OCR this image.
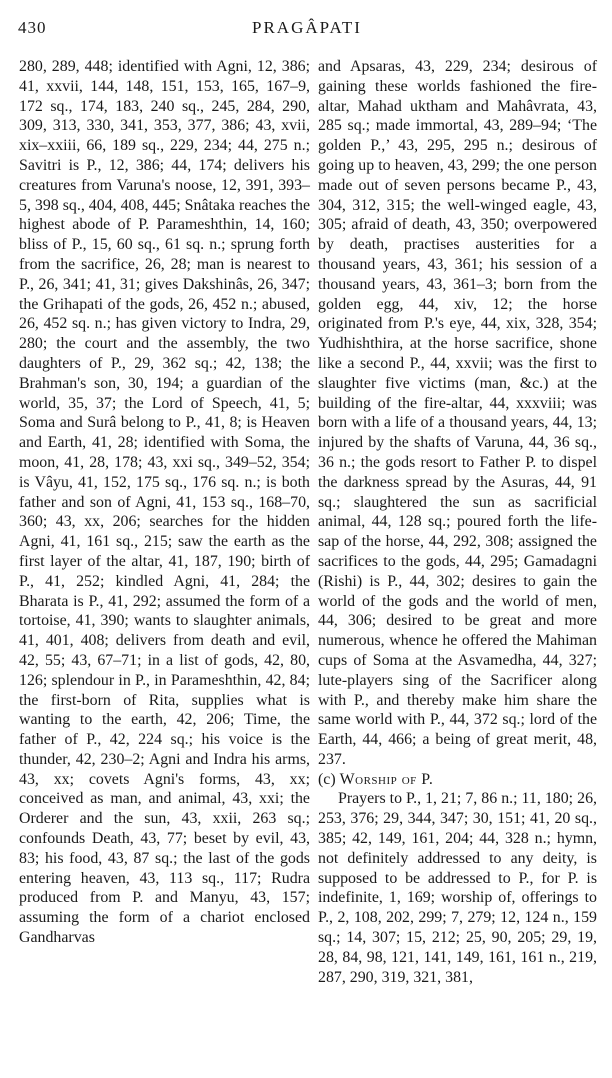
430	PRAGÂPATI

280, 289, 448; identified with Agni, 12, 386; 41, xxvii, 144, 148, 151, 153, 165, 167–9, 172 sq., 174, 183, 240 sq., 245, 284, 290, 309, 313, 330, 341, 353, 377, 386; 43, xvii, xix–xxiii, 66, 189 sq., 229, 234; 44, 275 n.; Savitri is P., 12, 386; 44, 174; delivers his creatures from Varuna's noose, 12, 391, 393–5, 398 sq., 404, 408, 445; Snâtaka reaches the highest abode of P. Parameshthin, 14, 160; bliss of P., 15, 60 sq., 61 sq. n.; sprung forth from the sacrifice, 26, 28; man is nearest to P., 26, 341; 41, 31; gives Dakshinâs, 26, 347; the Grihapati of the gods, 26, 452 n.; abused, 26, 452 sq. n.; has given victory to Indra, 29, 280; the court and the assembly, the two daughters of P., 29, 362 sq.; 42, 138; the Brahman's son, 30, 194; a guardian of the world, 35, 37; the Lord of Speech, 41, 5; Soma and Surâ belong to P., 41, 8; is Heaven and Earth, 41, 28; identified with Soma, the moon, 41, 28, 178; 43, xxi sq., 349–52, 354; is Vâyu, 41, 152, 175 sq., 176 sq. n.; is both father and son of Agni, 41, 153 sq., 168–70, 360; 43, xx, 206; searches for the hidden Agni, 41, 161 sq., 215; saw the earth as the first layer of the altar, 41, 187, 190; birth of P., 41, 252; kindled Agni, 41, 284; the Bharata is P., 41, 292; assumed the form of a tortoise, 41, 390; wants to slaughter animals, 41, 401, 408; delivers from death and evil, 42, 55; 43, 67–71; in a list of gods, 42, 80, 126; splendour in P., in Parameshthin, 42, 84; the first-born of Rita, supplies what is wanting to the earth, 42, 206; Time, the father of P., 42, 224 sq.; his voice is the thunder, 42, 230–2; Agni and Indra his arms, 43, xx; covets Agni's forms, 43, xx; conceived as man, and animal, 43, xxi; the Orderer and the sun, 43, xxii, 263 sq.; confounds Death, 43, 77; beset by evil, 43, 83; his food, 43, 87 sq.; the last of the gods entering heaven, 43, 113 sq., 117; Rudra produced from P. and Manyu, 43, 157; assuming the form of a chariot enclosed Gandharvas

and Apsaras, 43, 229, 234; desirous of gaining these worlds fashioned the fire-altar, Mahad uktham and Mahâvrata, 43, 285 sq.; made immortal, 43, 289–94; ‘The golden P.,’ 43, 295, 295 n.; desirous of going up to heaven, 43, 299; the one person made out of seven persons became P., 43, 304, 312, 315; the well-winged eagle, 43, 305; afraid of death, 43, 350; overpowered by death, practises austerities for a thousand years, 43, 361; his session of a thousand years, 43, 361–3; born from the golden egg, 44, xiv, 12; the horse originated from P.'s eye, 44, xix, 328, 354; Yudhishthira, at the horse sacrifice, shone like a second P., 44, xxvii; was the first to slaughter five victims (man, &c.) at the building of the fire-altar, 44, xxxviii; was born with a life of a thousand years, 44, 13; injured by the shafts of Varuna, 44, 36 sq., 36 n.; the gods resort to Father P. to dispel the darkness spread by the Asuras, 44, 91 sq.; slaughtered the sun as sacrificial animal, 44, 128 sq.; poured forth the life-sap of the horse, 44, 292, 308; assigned the sacrifices to the gods, 44, 295; Gamadagni (Rishi) is P., 44, 302; desires to gain the world of the gods and the world of men, 44, 306; desired to be great and more numerous, whence he offered the Mahiman cups of Soma at the Asvamedha, 44, 327; lute-players sing of the Sacrificer along with P., and thereby make him share the same world with P., 44, 372 sq.; lord of the Earth, 44, 466; a being of great merit, 48, 237.

(c) Worship of P.

Prayers to P., 1, 21; 7, 86 n.; 11, 180; 26, 253, 376; 29, 344, 347; 30, 151; 41, 20 sq., 385; 42, 149, 161, 204; 44, 328 n.; hymn, not definitely addressed to any deity, is supposed to be addressed to P., for P. is indefinite, 1, 169; worship of, offerings to P., 2, 108, 202, 299; 7, 279; 12, 124 n., 159 sq.; 14, 307; 15, 212; 25, 90, 205; 29, 19, 28, 84, 98, 121, 141, 149, 161, 161 n., 219, 287, 290, 319, 321, 381,
